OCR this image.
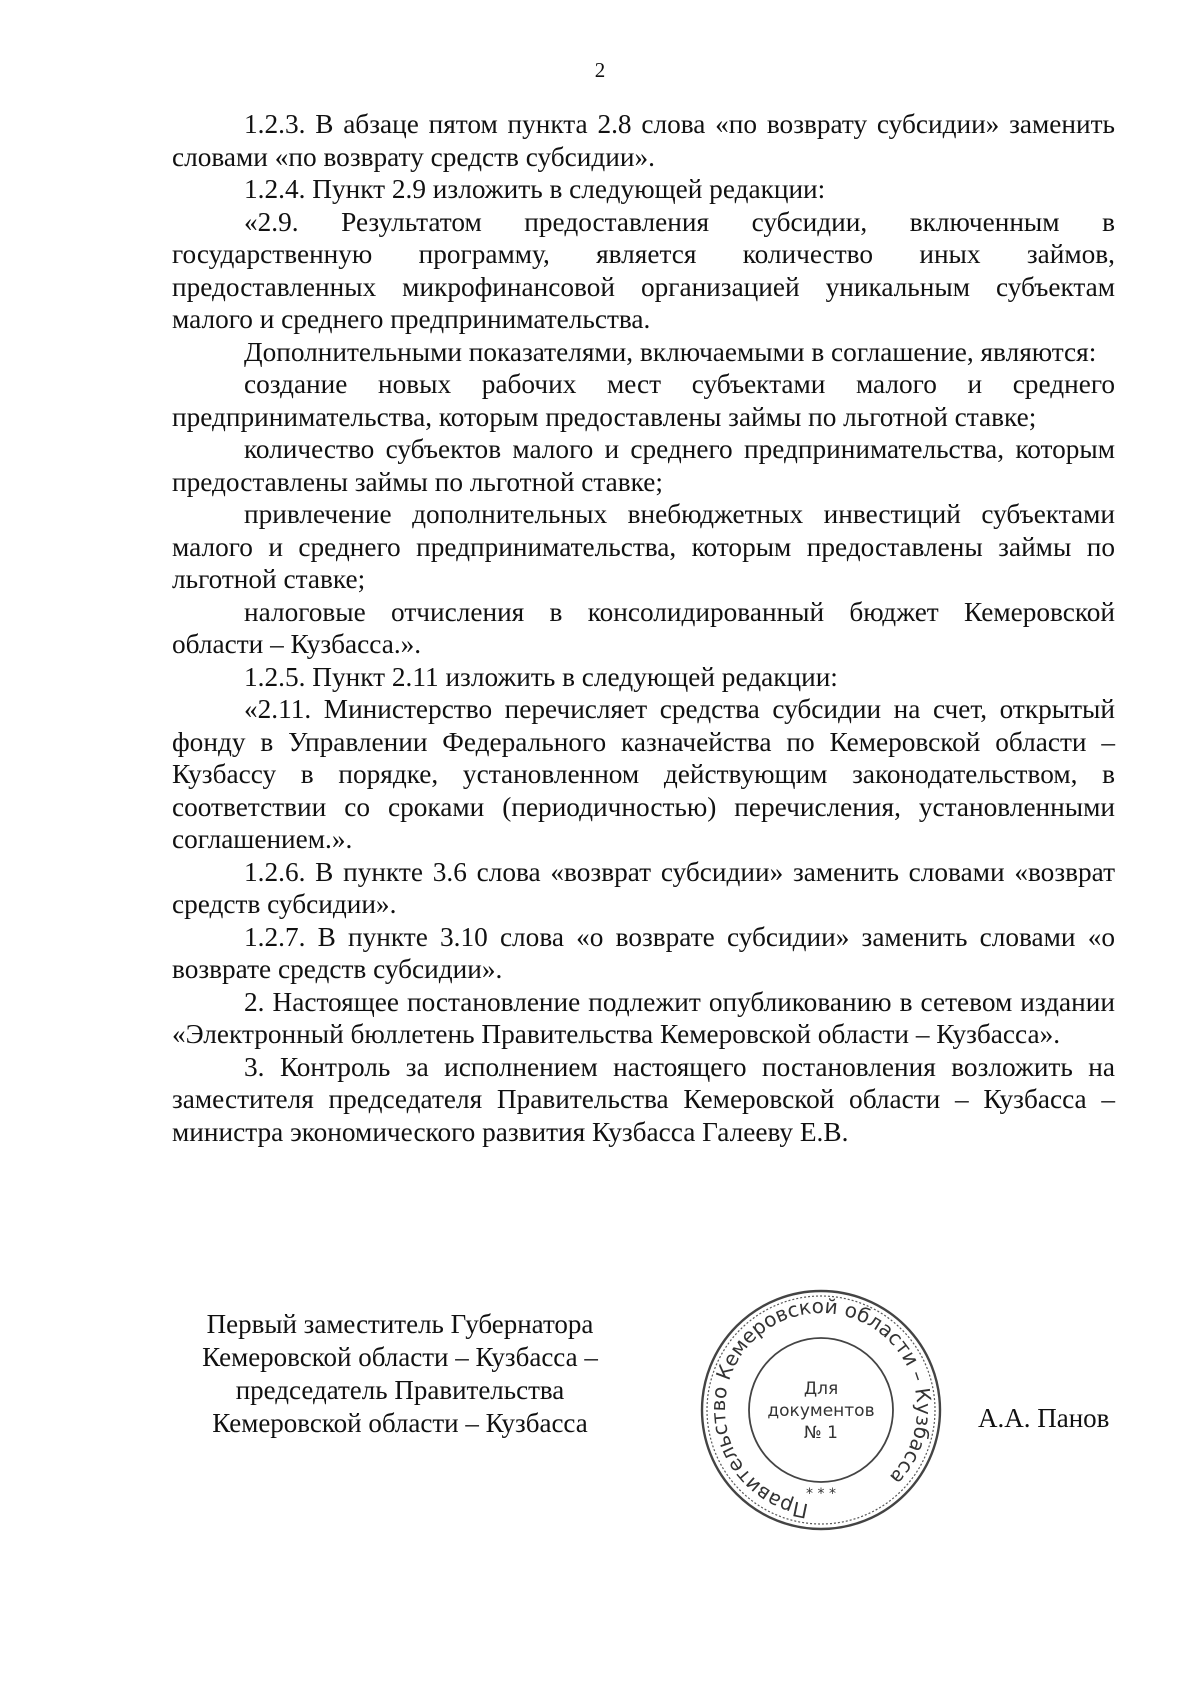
2

1.2.3. В абзаце пятом пункта 2.8 слова «по возврату субсидии» заменить словами «по возврату средств субсидии».

1.2.4. Пункт 2.9 изложить в следующей редакции:

«2.9. Результатом предоставления субсидии, включенным в государственную программу, является количество иных займов, предоставленных микрофинансовой организацией уникальным субъектам малого и среднего предпринимательства.

Дополнительными показателями, включаемыми в соглашение, являются:

создание новых рабочих мест субъектами малого и среднего предпринимательства, которым предоставлены займы по льготной ставке;

количество субъектов малого и среднего предпринимательства, которым предоставлены займы по льготной ставке;

привлечение дополнительных внебюджетных инвестиций субъектами малого и среднего предпринимательства, которым предоставлены займы по льготной ставке;

налоговые отчисления в консолидированный бюджет Кемеровской области – Кузбасса.».

1.2.5. Пункт 2.11 изложить в следующей редакции:

«2.11. Министерство перечисляет средства субсидии на счет, открытый фонду в Управлении Федерального казначейства по Кемеровской области – Кузбассу в порядке, установленном действующим законодательством, в соответствии со сроками (периодичностью) перечисления, установленными соглашением.».

1.2.6. В пункте 3.6 слова «возврат субсидии» заменить словами «возврат средств субсидии».

1.2.7. В пункте 3.10 слова «о возврате субсидии» заменить словами «о возврате средств субсидии».

2. Настоящее постановление подлежит опубликованию в сетевом издании «Электронный бюллетень Правительства Кемеровской области – Кузбасса».

3. Контроль за исполнением настоящего постановления возложить на заместителя председателя Правительства Кемеровской области – Кузбасса – министра экономического развития Кузбасса Галееву Е.В.

Первый заместитель Губернатора
Кемеровской области – Кузбасса –
председатель Правительства
Кемеровской области – Кузбасса
Правительство Кемеровской области – Кузбасса
Для
документов
№ 1
* * *
А.А. Панов
